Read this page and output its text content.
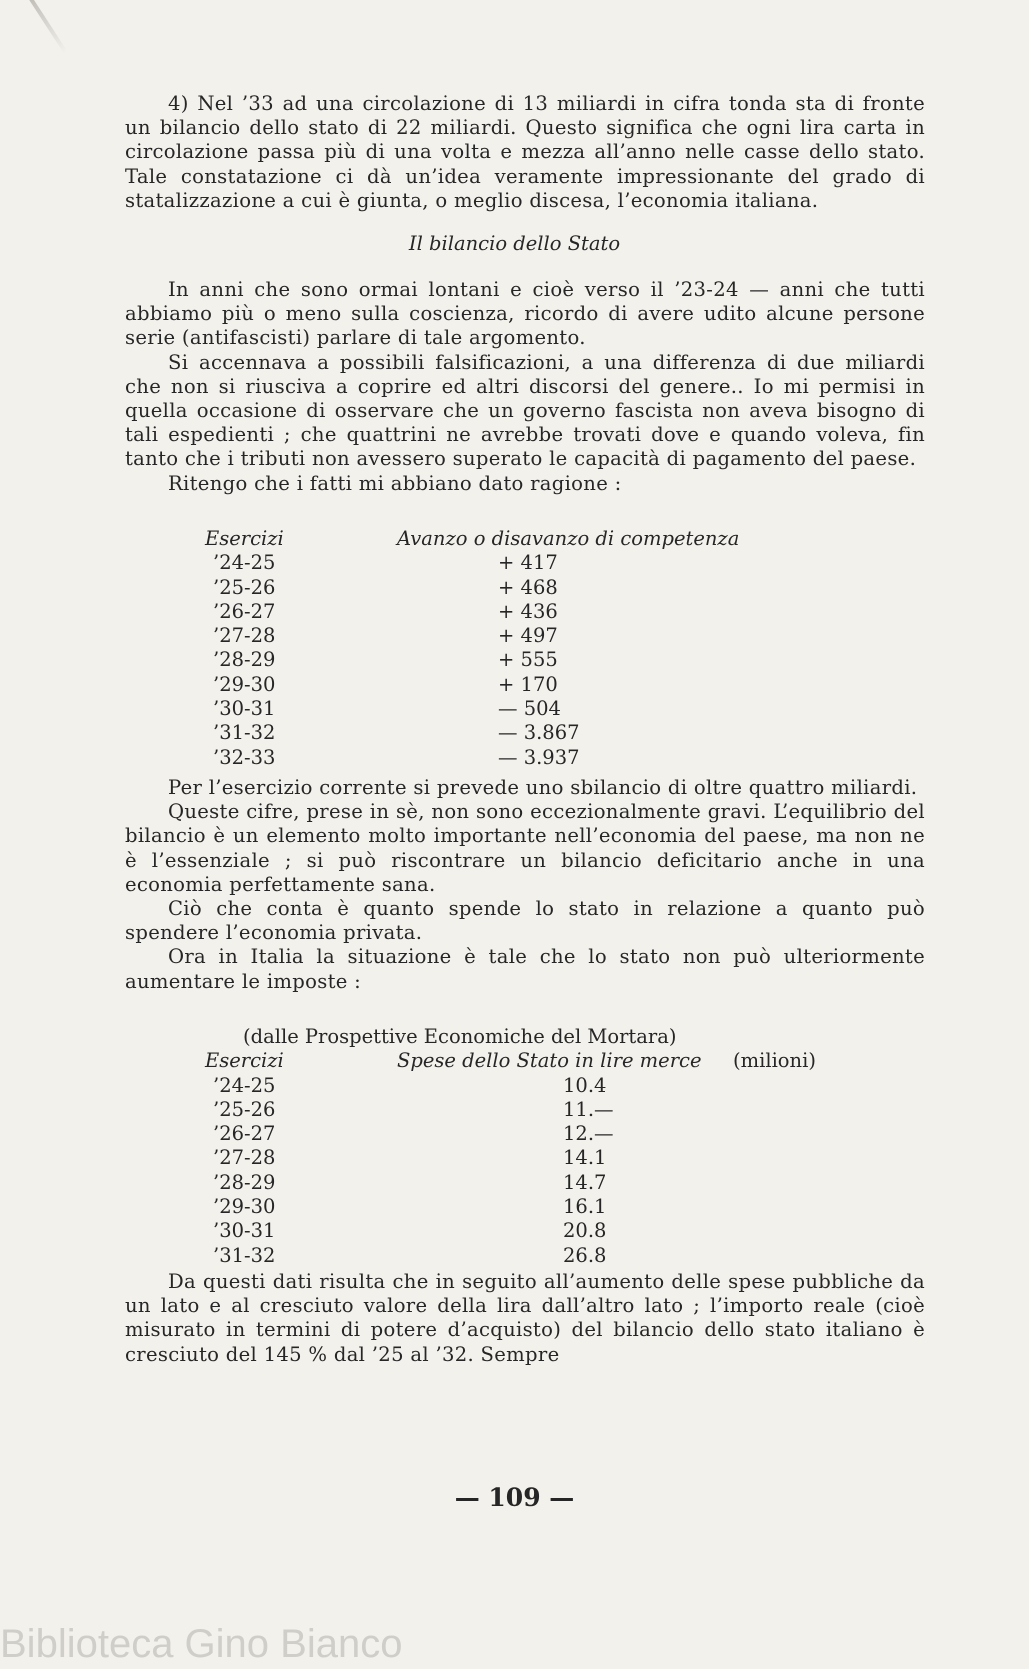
4) Nel ’33 ad una circolazione di 13 miliardi in cifra tonda sta di fronte un bilancio dello stato di 22 miliardi. Questo significa che ogni lira carta in circolazione passa più di una volta e mezza all’anno nelle casse dello stato. Tale constatazione ci dà un’idea veramente impressionante del grado di statalizzazione a cui è giunta, o meglio discesa, l’economia italiana.

Il bilancio dello Stato

In anni che sono ormai lontani e cioè verso il ’23-24 — anni che tutti abbiamo più o meno sulla coscienza, ricordo di avere udito alcune persone serie (antifascisti) parlare di tale argomento.

Si accennava a possibili falsificazioni, a una differenza di due miliardi che non si riusciva a coprire ed altri discorsi del genere.. Io mi permisi in quella occasione di osservare che un governo fascista non aveva bisogno di tali espedienti ; che quattrini ne avrebbe trovati dove e quando voleva, fin tanto che i tributi non avessero superato le capacità di pagamento del paese.

Ritengo che i fatti mi abbiano dato ragione :

Esercizi	Avanzo o disavanzo di competenza
’24-25	+ 417
’25-26	+ 468
’26-27	+ 436
’27-28	+ 497
’28-29	+ 555
’29-30	+ 170
’30-31	— 504
’31-32	— 3.867
’32-33	— 3.937

Per l’esercizio corrente si prevede uno sbilancio di oltre quattro miliardi.

Queste cifre, prese in sè, non sono eccezionalmente gravi. L’equilibrio del bilancio è un elemento molto importante nell’economia del paese, ma non ne è l’essenziale ; si può riscontrare un bilancio deficitario anche in una economia perfettamente sana.

Ciò che conta è quanto spende lo stato in relazione a quanto può spendere l’economia privata.

Ora in Italia la situazione è tale che lo stato non può ulteriormente aumentare le imposte :

(dalle Prospettive Economiche del Mortara)
Esercizi	Spese dello Stato in lire merce (milioni)
’24-25	10.4
’25-26	11.—
’26-27	12.—
’27-28	14.1
’28-29	14.7
’29-30	16.1
’30-31	20.8
’31-32	26.8

Da questi dati risulta che in seguito all’aumento delle spese pubbliche da un lato e al cresciuto valore della lira dall’altro lato ; l’importo reale (cioè misurato in termini di potere d’acquisto) del bilancio dello stato italiano è cresciuto del 145 % dal ’25 al ’32. Sempre

— 109 —
Biblioteca Gino Bianco
